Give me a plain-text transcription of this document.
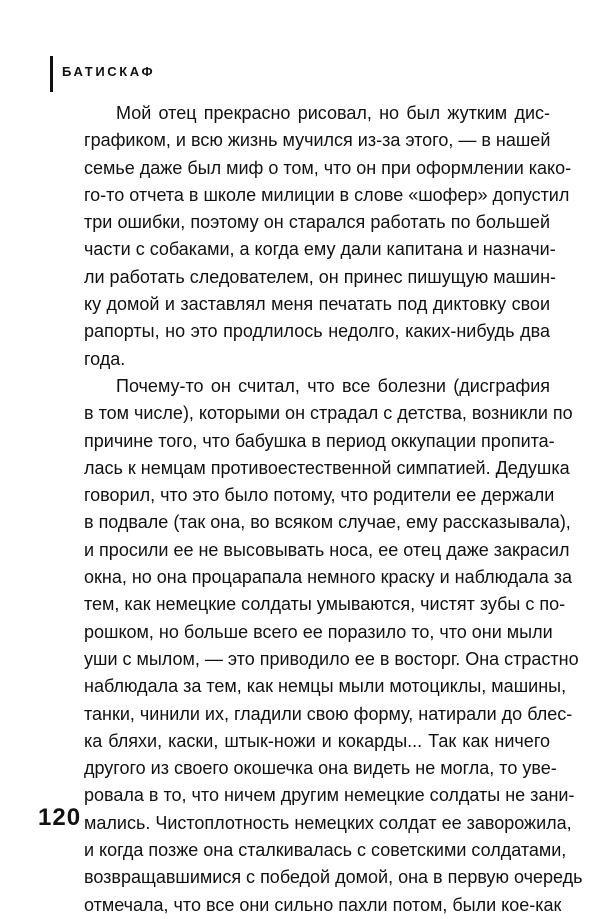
БАТИСКАФ
Мой отец прекрасно рисовал, но был жутким дис-
графиком, и всю жизнь мучился из-за этого, — в нашей
семье даже был миф о том, что он при оформлении како-
го-то отчета в школе милиции в слове «шофер» допустил
три ошибки, поэтому он старался работать по большей
части с собаками, а когда ему дали капитана и назначи-
ли работать следователем, он принес пишущую машин-
ку домой и заставлял меня печатать под диктовку свои
рапорты, но это продлилось недолго, каких-нибудь два
года.
Почему-то он считал, что все болезни (дисграфия
в том числе), которыми он страдал с детства, возникли по
причине того, что бабушка в период оккупации пропита-
лась к немцам противоестественной симпатией. Дедушка
говорил, что это было потому, что родители ее держали
в подвале (так она, во всяком случае, ему рассказывала),
и просили ее не высовывать носа, ее отец даже закрасил
окна, но она процарапала немного краску и наблюдала за
тем, как немецкие солдаты умываются, чистят зубы с по-
рошком, но больше всего ее поразило то, что они мыли
уши с мылом, — это приводило ее в восторг. Она страстно
наблюдала за тем, как немцы мыли мотоциклы, машины,
танки, чинили их, гладили свою форму, натирали до блес-
ка бляхи, каски, штык-ножи и кокарды... Так как ничего
другого из своего окошечка она видеть не могла, то уве-
ровала в то, что ничем другим немецкие солдаты не зани-
мались. Чистоплотность немецких солдат ее заворожила,
и когда позже она сталкивалась с советскими солдатами,
возвращавшимися с победой домой, она в первую очередь
отмечала, что все они сильно пахли потом, были кое-как
120
